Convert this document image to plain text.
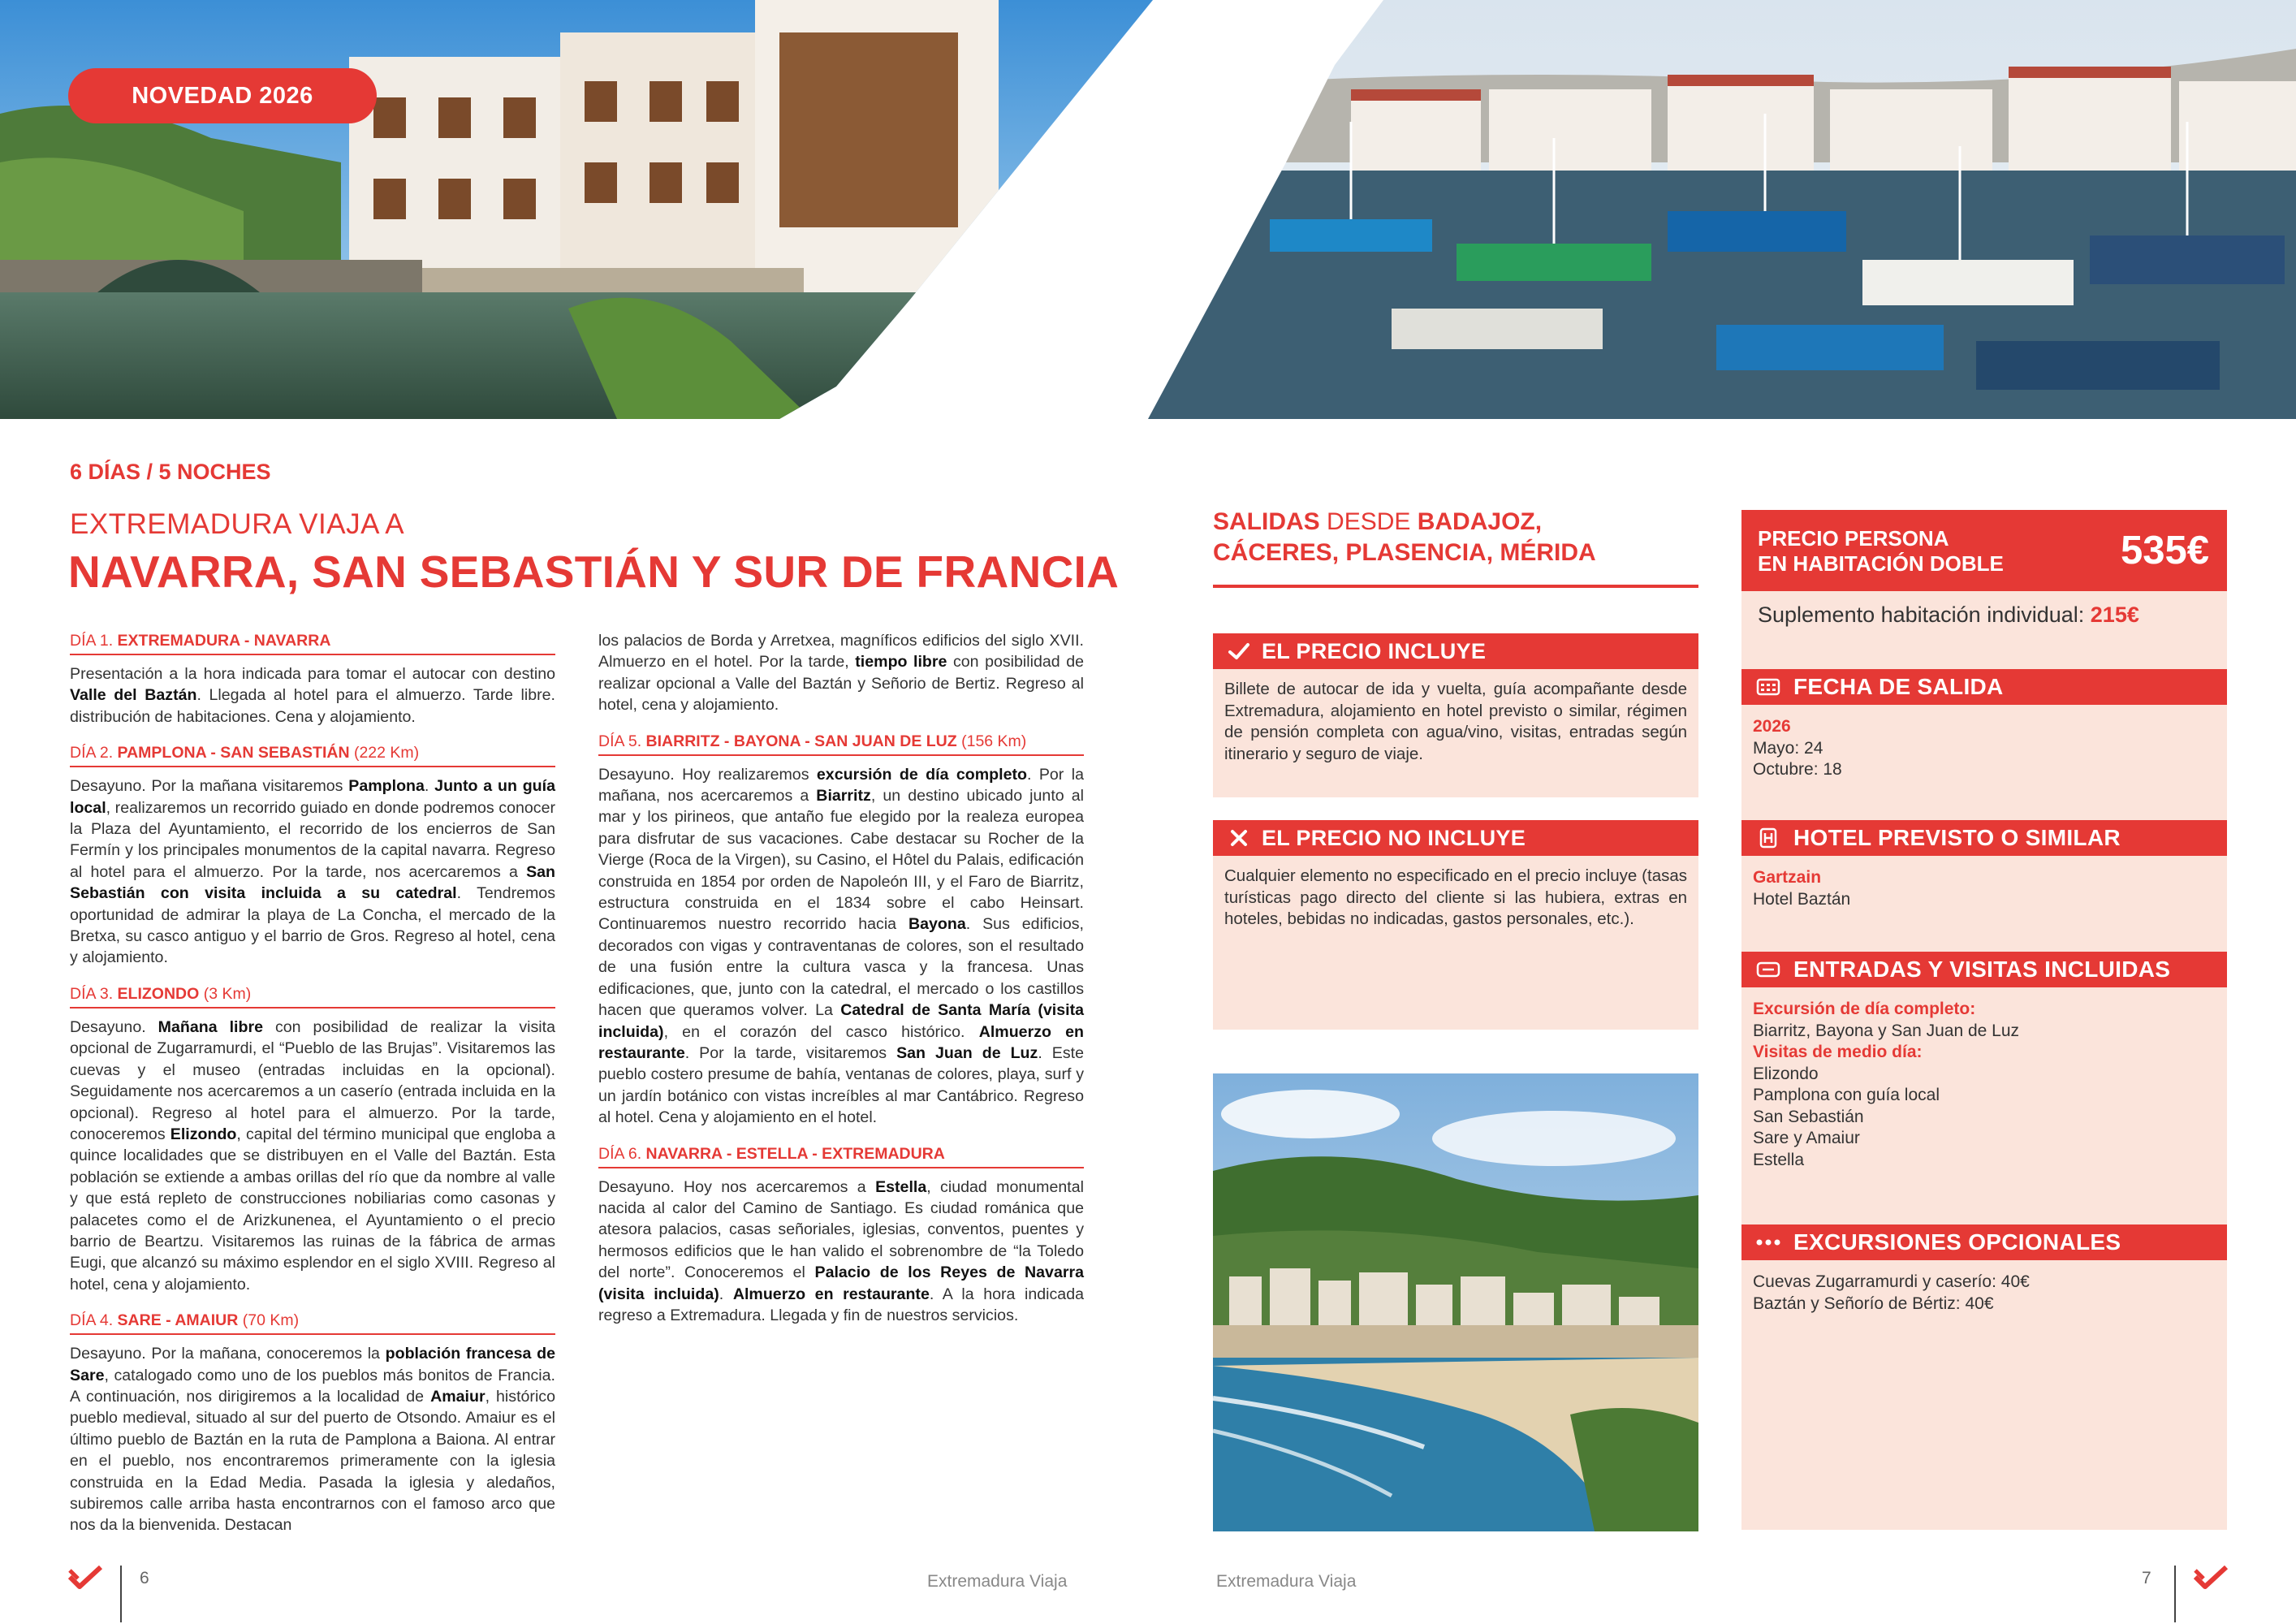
NOVEDAD 2026
6 DÍAS / 5 NOCHES
EXTREMADURA VIAJA A
NAVARRA, SAN SEBASTIÁN Y SUR DE FRANCIA
DÍA 1. EXTREMADURA - NAVARRA
Presentación a la hora indicada para tomar el autocar con destino Valle del Baztán. Llegada al hotel para el almuerzo. Tarde libre. distribución de habitaciones. Cena y alojamiento.
DÍA 2. PAMPLONA - SAN SEBASTIÁN (222 Km)
Desayuno. Por la mañana visitaremos Pamplona. Junto a un guía local, realizaremos un recorrido guiado en donde podremos conocer la Plaza del Ayuntamiento, el recorrido de los encierros de San Fermín y los principales monumentos de la capital navarra. Regreso al hotel para el almuerzo. Por la tarde, nos acercaremos a San Sebastián con visita incluida a su catedral. Tendremos oportunidad de admirar la playa de La Concha, el mercado de la Bretxa, su casco antiguo y el barrio de Gros. Regreso al hotel, cena y alojamiento.
DÍA 3. ELIZONDO (3 Km)
Desayuno. Mañana libre con posibilidad de realizar la visita opcional de Zugarramurdi, el “Pueblo de las Brujas”. Visitaremos las cuevas y el museo (entradas incluidas en la opcional). Seguidamente nos acercaremos a un caserío (entrada incluida en la opcional). Regreso al hotel para el almuerzo. Por la tarde, conoceremos Elizondo, capital del término municipal que engloba a quince localidades que se distribuyen en el Valle del Baztán. Esta población se extiende a ambas orillas del río que da nombre al valle y que está repleto de construcciones nobiliarias como casonas y palacetes como el de Arizkunenea, el Ayuntamiento o el precio barrio de Beartzu. Visitaremos las ruinas de la fábrica de armas Eugi, que alcanzó su máximo esplendor en el siglo XVIII. Regreso al hotel, cena y alojamiento.
DÍA 4. SARE - AMAIUR (70 Km)
Desayuno. Por la mañana, conoceremos la población francesa de Sare, catalogado como uno de los pueblos más bonitos de Francia. A continuación, nos dirigiremos a la localidad de Amaiur, histórico pueblo medieval, situado al sur del puerto de Otsondo. Amaiur es el último pueblo de Baztán en la ruta de Pamplona a Baiona. Al entrar en el pueblo, nos encontraremos primeramente con la iglesia construida en la Edad Media. Pasada la iglesia y aledaños, subiremos calle arriba hasta encontrarnos con el famoso arco que nos da la bienvenida. Destacan
los palacios de Borda y Arretxea, magníficos edificios del siglo XVII. Almuerzo en el hotel. Por la tarde, tiempo libre con posibilidad de realizar opcional a Valle del Baztán y Señorio de Bertiz. Regreso al hotel, cena y alojamiento.
DÍA 5. BIARRITZ - BAYONA - SAN JUAN DE LUZ (156 Km)
Desayuno. Hoy realizaremos excursión de día completo. Por la mañana, nos acercaremos a Biarritz, un destino ubicado junto al mar y los pirineos, que antaño fue elegido por la realeza europea para disfrutar de sus vacaciones. Cabe destacar su Rocher de la Vierge (Roca de la Virgen), su Casino, el Hôtel du Palais, edificación construida en 1854 por orden de Napoleón III, y el Faro de Biarritz, estructura construida en el 1834 sobre el cabo Heinsart. Continuaremos nuestro recorrido hacia Bayona. Sus edificios, decorados con vigas y contraventanas de colores, son el resultado de una fusión entre la cultura vasca y la francesa. Unas edificaciones, que, junto con la catedral, el mercado o los castillos hacen que queramos volver. La Catedral de Santa María (visita incluida), en el corazón del casco histórico. Almuerzo en restaurante. Por la tarde, visitaremos San Juan de Luz. Este pueblo costero presume de bahía, ventanas de colores, playa, surf y un jardín botánico con vistas increíbles al mar Cantábrico. Regreso al hotel. Cena y alojamiento en el hotel.
DÍA 6. NAVARRA - ESTELLA - EXTREMADURA
Desayuno. Hoy nos acercaremos a Estella, ciudad monumental nacida al calor del Camino de Santiago. Es ciudad románica que atesora palacios, casas señoriales, iglesias, conventos, puentes y hermosos edificios que le han valido el sobrenombre de “la Toledo del norte”. Conoceremos el Palacio de los Reyes de Navarra (visita incluida). Almuerzo en restaurante. A la hora indicada regreso a Extremadura. Llegada y fin de nuestros servicios.
SALIDAS DESDE BADAJOZ,
CÁCERES, PLASENCIA, MÉRIDA
EL PRECIO INCLUYE
Billete de autocar de ida y vuelta, guía acompañante desde Extremadura, alojamiento en hotel previsto o similar, régimen de pensión completa con agua/vino, visitas, entradas según itinerario y seguro de viaje.
EL PRECIO NO INCLUYE
Cualquier elemento no especificado en el precio incluye (tasas turísticas pago directo del cliente si las hubiera, extras en hoteles, bebidas no indicadas, gastos personales, etc.).
PRECIO PERSONA
EN HABITACIÓN DOBLE	535€
Suplemento habitación individual: 215€
FECHA DE SALIDA
2026
Mayo: 24
Octubre: 18
HOTEL PREVISTO O SIMILAR
Gartzain
Hotel Baztán
ENTRADAS Y VISITAS INCLUIDAS
Excursión de día completo:
Biarritz, Bayona y San Juan de Luz
Visitas de medio día:
Elizondo
Pamplona con guía local
San Sebastián
Sare y Amaiur
Estella
EXCURSIONES OPCIONALES
Cuevas Zugarramurdi y caserío: 40€
Baztán y Señorío de Bértiz: 40€
6	Extremadura Viaja	Extremadura Viaja	7
